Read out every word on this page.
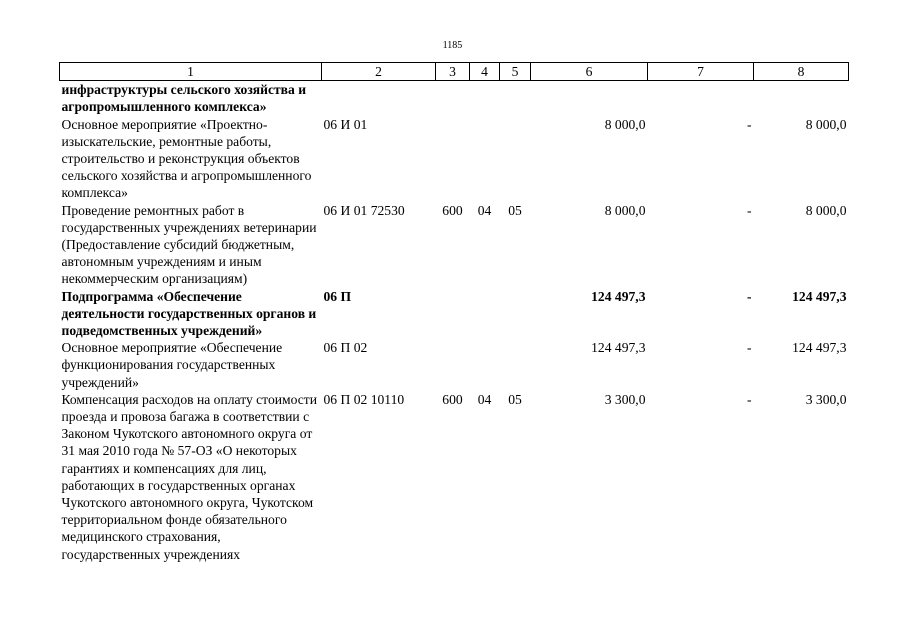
1185
1	2	3	4	5	6	7	8
инфраструктуры сельского хозяйства и агропромышленного комплекса»							
Основное мероприятие «Проектно-изыскательские, ремонтные работы, строительство и реконструкция объектов сельского хозяйства и агропромышленного комплекса»	06 И 01				8 000,0	-	8 000,0
Проведение ремонтных работ в государственных учреждениях ветеринарии (Предоставление субсидий бюджетным, автономным учреждениям и иным некоммерческим организациям)	06 И 01 72530	600	04	05	8 000,0	-	8 000,0
Подпрограмма «Обеспечение деятельности государственных органов и подведомственных учреждений»	06 П				124 497,3	-	124 497,3
Основное мероприятие «Обеспечение функционирования государственных учреждений»	06 П 02				124 497,3	-	124 497,3
Компенсация расходов на оплату стоимости проезда и провоза багажа в соответствии с Законом Чукотского автономного округа от 31 мая 2010 года № 57-ОЗ «О некоторых гарантиях и компенсациях для лиц, работающих в государственных органах Чукотского автономного округа, Чукотском территориальном фонде обязательного медицинского страхования, государственных учреждениях	06 П 02 10110	600	04	05	3 300,0	-	3 300,0
